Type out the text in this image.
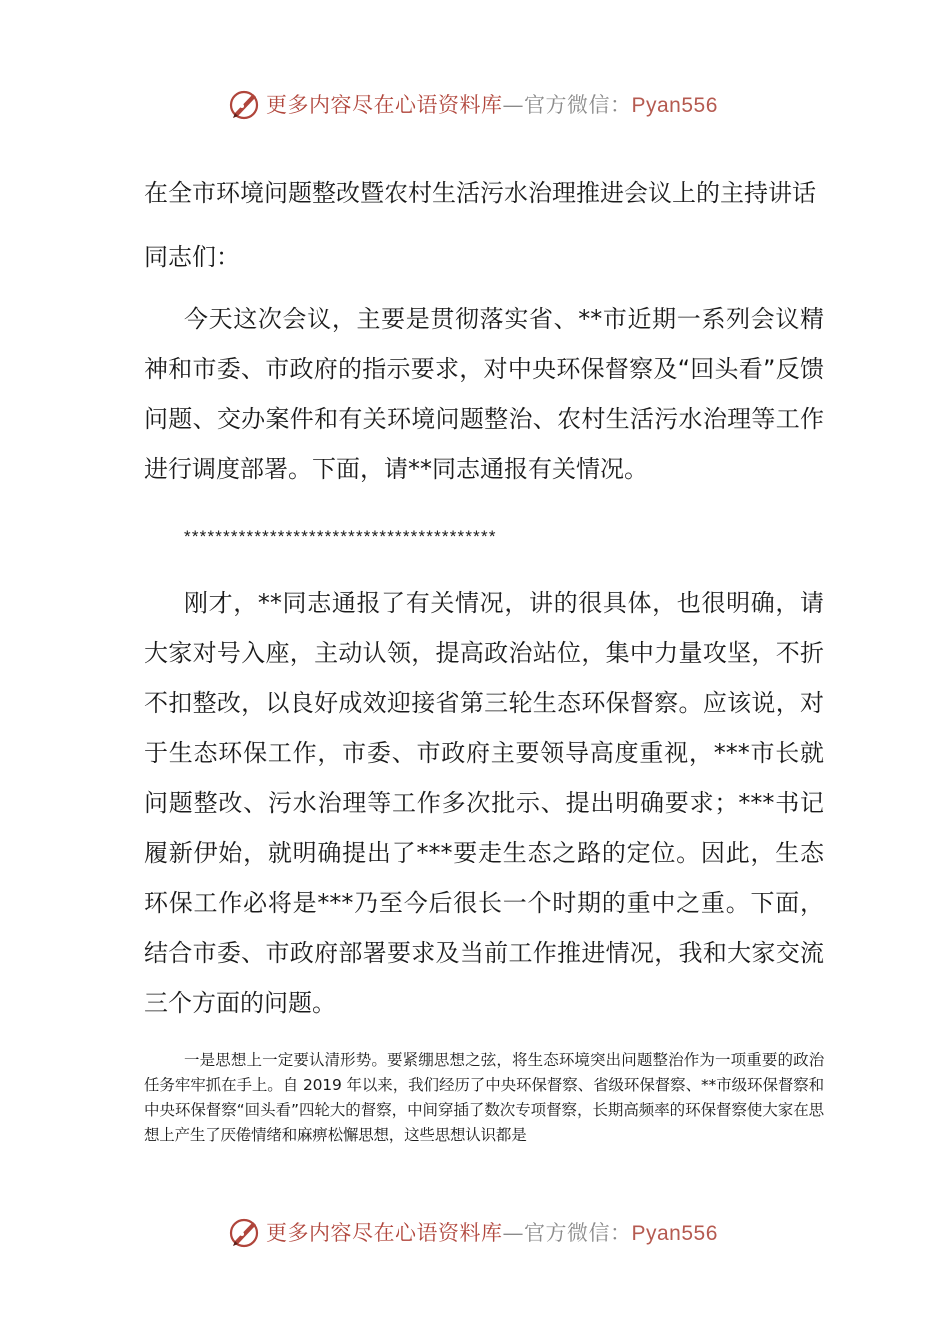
更多内容尽在心语资料库—官方微信：Pyan556
在全市环境问题整改暨农村生活污水治理推进会议上的主持讲话

同志们：

今天这次会议，主要是贯彻落实省、**市近期一系列会议精神和市委、市政府的指示要求，对中央环保督察及“回头看”反馈问题、交办案件和有关环境问题整治、农村生活污水治理等工作进行调度部署。下面，请**同志通报有关情况。

****************************************

刚才，**同志通报了有关情况，讲的很具体，也很明确，请大家对号入座，主动认领，提高政治站位，集中力量攻坚，不折不扣整改，以良好成效迎接省第三轮生态环保督察。应该说，对于生态环保工作，市委、市政府主要领导高度重视，***市长就问题整改、污水治理等工作多次批示、提出明确要求；***书记履新伊始，就明确提出了***要走生态之路的定位。因此，生态环保工作必将是***乃至今后很长一个时期的重中之重。下面，结合市委、市政府部署要求及当前工作推进情况，我和大家交流三个方面的问题。

一是思想上一定要认清形势。要紧绷思想之弦，将生态环境突出问题整治作为一项重要的政治任务牢牢抓在手上。自 2019 年以来，我们经历了中央环保督察、省级环保督察、**市级环保督察和中央环保督察“回头看”四轮大的督察，中间穿插了数次专项督察，长期高频率的环保督察使大家在思想上产生了厌倦情绪和麻痹松懈思想，这些思想认识都是

更多内容尽在心语资料库—官方微信：Pyan556
